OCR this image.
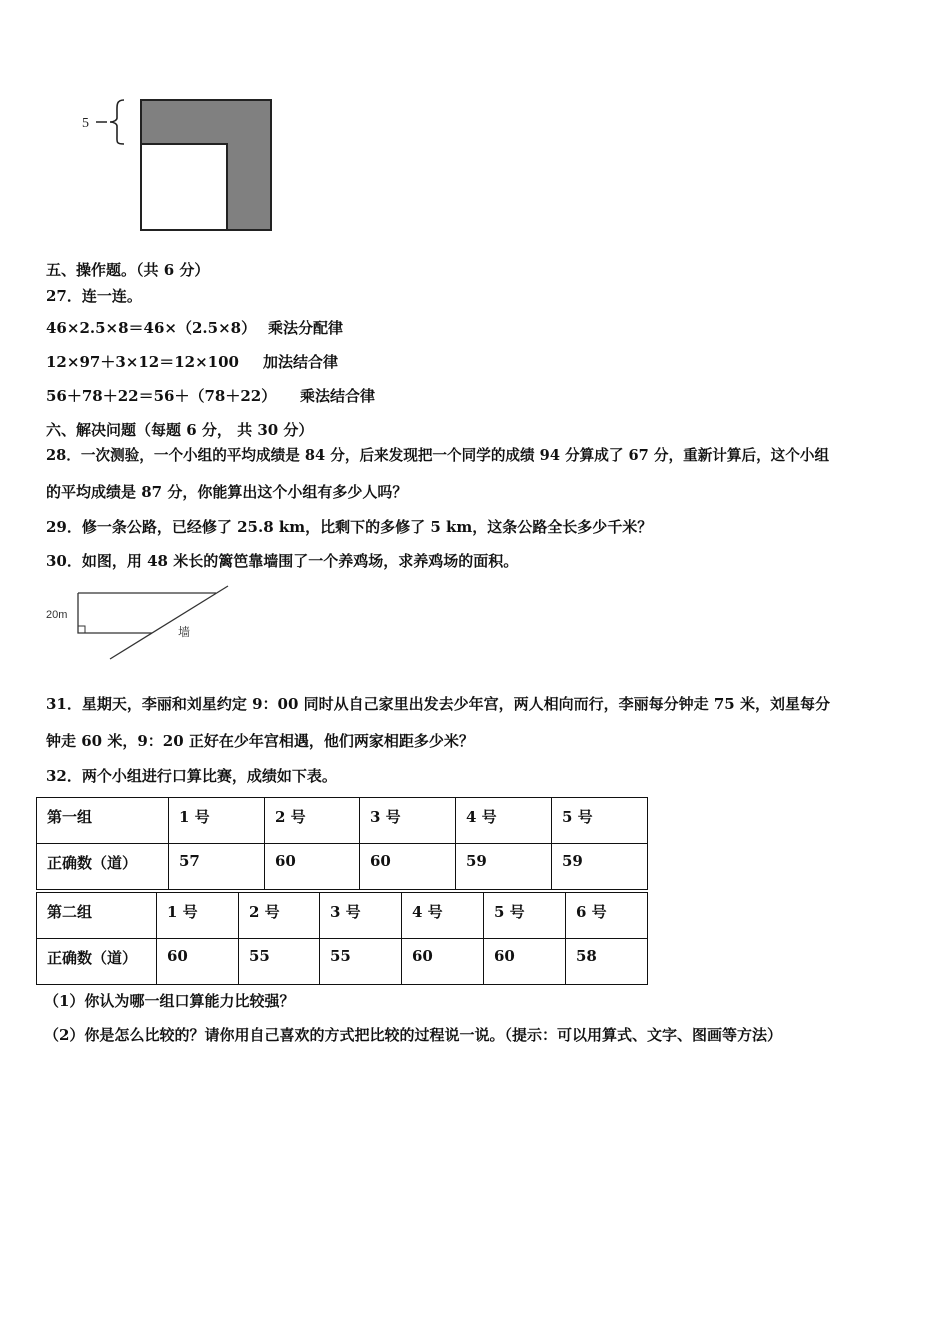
5
五、操作题。（共 6 分）
27．连一连。
46×2.5×8＝46×（2.5×8） 乘法分配律
12×97＋3×12＝12×100 加法结合律
56＋78＋22＝56＋（78＋22） 乘法结合律
六、解决问题（每题 6 分， 共 30 分）
28．一次测验，一个小组的平均成绩是 84 分，后来发现把一个同学的成绩 94 分算成了 67 分，重新计算后，这个小组
的平均成绩是 87 分，你能算出这个小组有多少人吗？
29．修一条公路，已经修了 25.8 km，比剩下的多修了 5 km，这条公路全长多少千米？
30．如图，用 48 米长的篱笆靠墙围了一个养鸡场，求养鸡场的面积。
20m
墙
31．星期天，李丽和刘星约定 9：00 同时从自己家里出发去少年宫，两人相向而行，李丽每分钟走 75 米，刘星每分
钟走 60 米，9：20 正好在少年宫相遇，他们两家相距多少米？
32．两个小组进行口算比赛，成绩如下表。
第一组	1 号	2 号	3 号	4 号	5 号
正确数（道）	57	60	60	59	59
第二组	1 号	2 号	3 号	4 号	5 号	6 号
正确数（道）	60	55	55	60	60	58
（1）你认为哪一组口算能力比较强？
（2）你是怎么比较的？请你用自己喜欢的方式把比较的过程说一说。（提示：可以用算式、文字、图画等方法）
